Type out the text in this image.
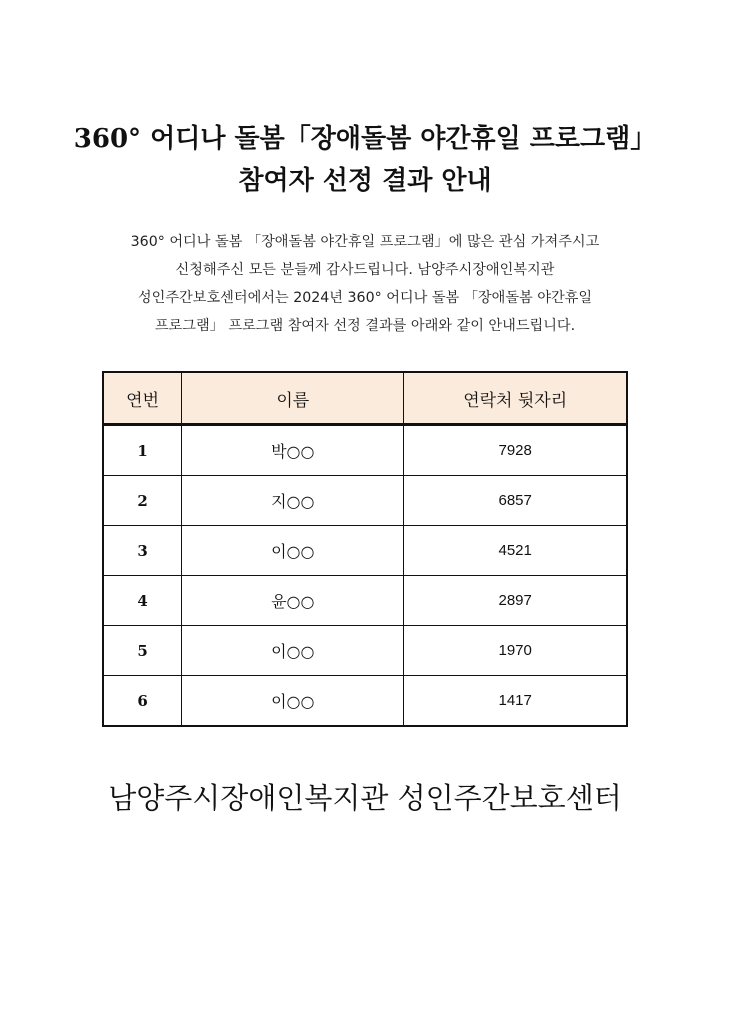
360° 어디나 돌봄「장애돌봄 야간휴일 프로그램」
참여자 선정 결과 안내
360° 어디나 돌봄 「장애돌봄 야간휴일 프로그램」에 많은 관심 가져주시고
신청해주신 모든 분들께 감사드립니다. 남양주시장애인복지관
성인주간보호센터에서는 2024년 360° 어디나 돌봄 「장애돌봄 야간휴일
프로그램」 프로그램 참여자 선정 결과를 아래와 같이 안내드립니다.
연번	이름	연락처 뒷자리
1	박○○	7928
2	지○○	6857
3	이○○	4521
4	윤○○	2897
5	이○○	1970
6	이○○	1417
남양주시장애인복지관 성인주간보호센터
